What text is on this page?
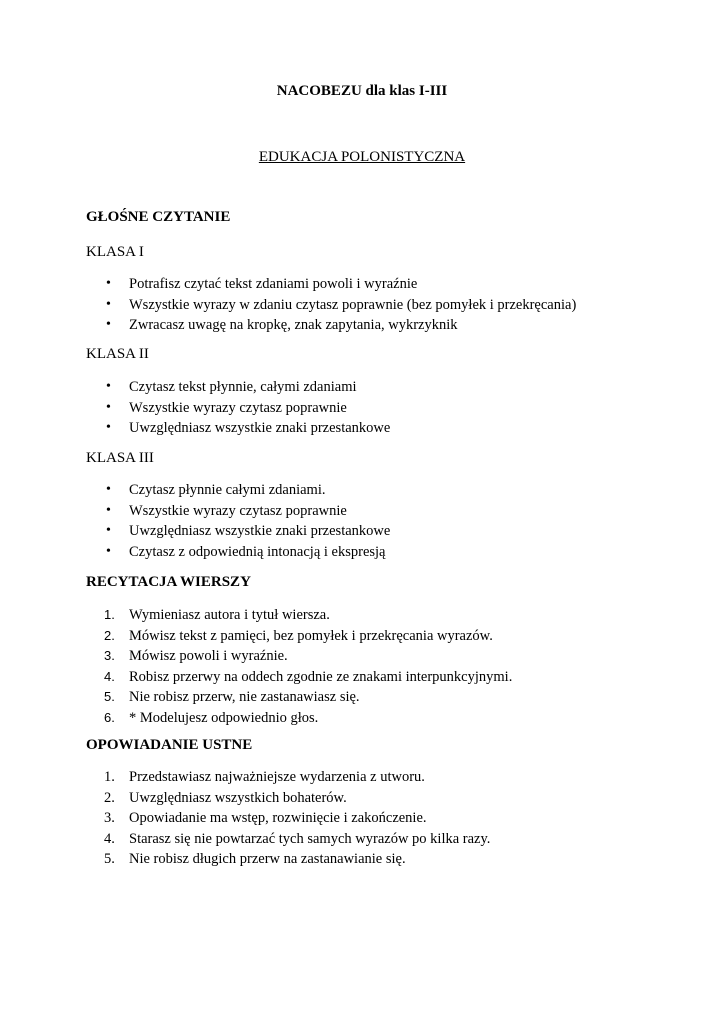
NACOBEZU dla klas I-III

EDUKACJA POLONISTYCZNA

GŁOŚNE CZYTANIE

KLASA I

• Potrafisz czytać tekst zdaniami powoli i wyraźnie
• Wszystkie wyrazy w zdaniu czytasz poprawnie (bez pomyłek i przekręcania)
• Zwracasz uwagę na kropkę, znak zapytania, wykrzyknik

KLASA II

• Czytasz tekst płynnie, całymi zdaniami
• Wszystkie wyrazy czytasz poprawnie
• Uwzględniasz wszystkie znaki przestankowe

KLASA III

• Czytasz płynnie całymi zdaniami.
• Wszystkie wyrazy czytasz poprawnie
• Uwzględniasz wszystkie znaki przestankowe
• Czytasz z odpowiednią intonacją i ekspresją

RECYTACJA WIERSZY

1. Wymieniasz autora i tytuł wiersza.
2. Mówisz tekst z pamięci, bez pomyłek i przekręcania wyrazów.
3. Mówisz powoli i wyraźnie.
4. Robisz przerwy na oddech zgodnie ze znakami interpunkcyjnymi.
5. Nie robisz przerw, nie zastanawiasz się.
6. * Modelujesz odpowiednio głos.

OPOWIADANIE USTNE

1. Przedstawiasz najważniejsze wydarzenia z utworu.
2. Uwzględniasz wszystkich bohaterów.
3. Opowiadanie ma wstęp, rozwinięcie i zakończenie.
4. Starasz się nie powtarzać tych samych wyrazów po kilka razy.
5. Nie robisz długich przerw na zastanawianie się.
